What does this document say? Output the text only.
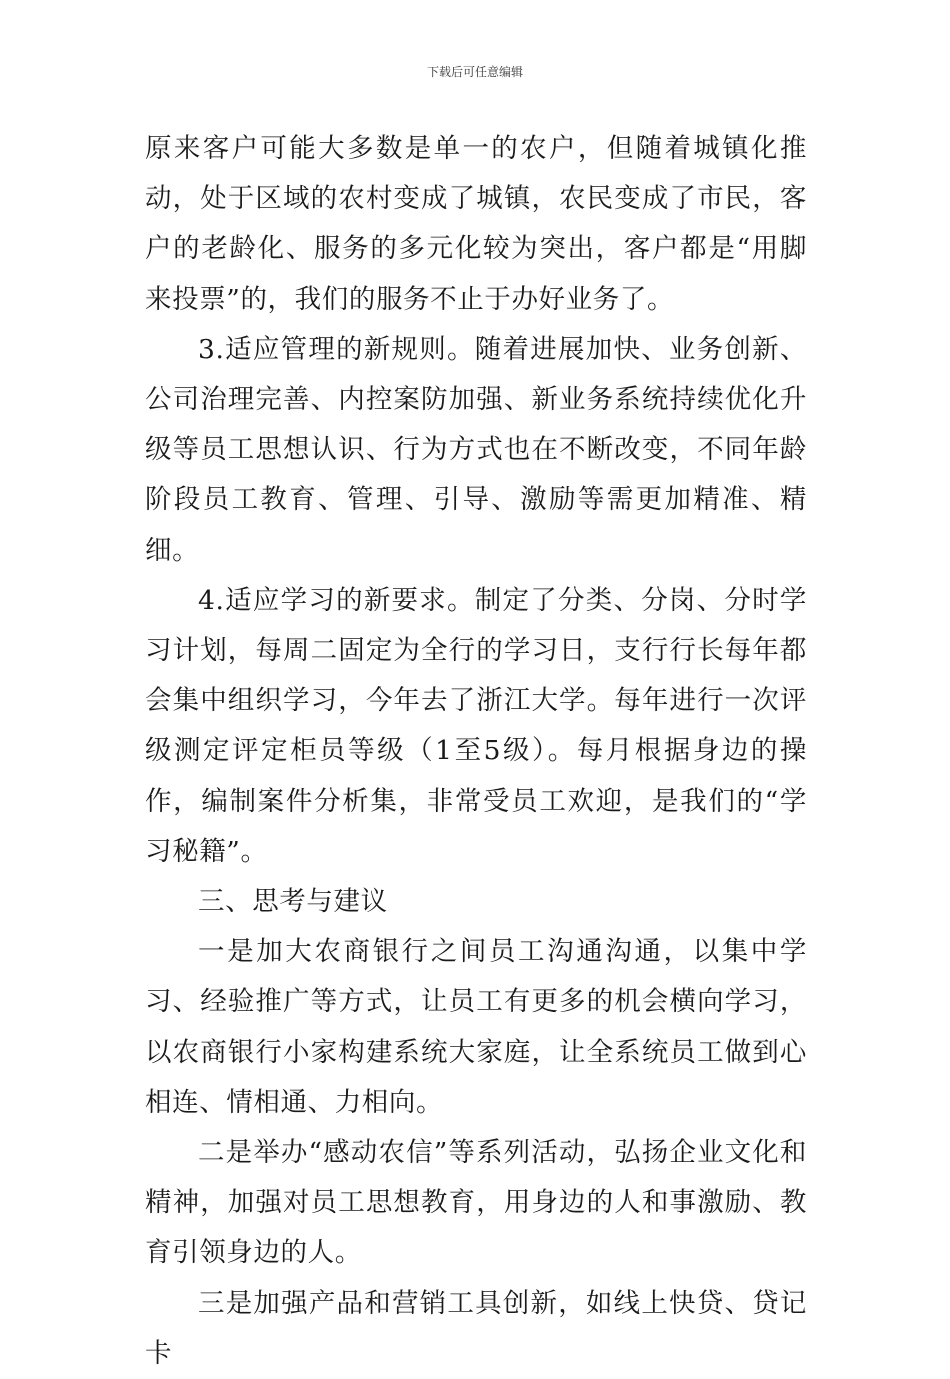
下载后可任意编辑

原来客户可能大多数是单一的农户，但随着城镇化推动，处于区域的农村变成了城镇，农民变成了市民，客户的老龄化、服务的多元化较为突出，客户都是“用脚来投票”的，我们的服务不止于办好业务了。

3.适应管理的新规则。随着进展加快、业务创新、公司治理完善、内控案防加强、新业务系统持续优化升级等员工思想认识、行为方式也在不断改变，不同年龄阶段员工教育、管理、引导、激励等需更加精准、精细。

4.适应学习的新要求。制定了分类、分岗、分时学习计划，每周二固定为全行的学习日，支行行长每年都会集中组织学习，今年去了浙江大学。每年进行一次评级测定评定柜员等级（1至5级）。每月根据身边的操作，编制案件分析集，非常受员工欢迎，是我们的“学习秘籍”。

三、思考与建议

一是加大农商银行之间员工沟通沟通，以集中学习、经验推广等方式，让员工有更多的机会横向学习，以农商银行小家构建系统大家庭，让全系统员工做到心相连、情相通、力相向。

二是举办“感动农信”等系列活动，弘扬企业文化和精神，加强对员工思想教育，用身边的人和事激励、教育引领身边的人。

三是加强产品和营销工具创新，如线上快贷、贷记卡
